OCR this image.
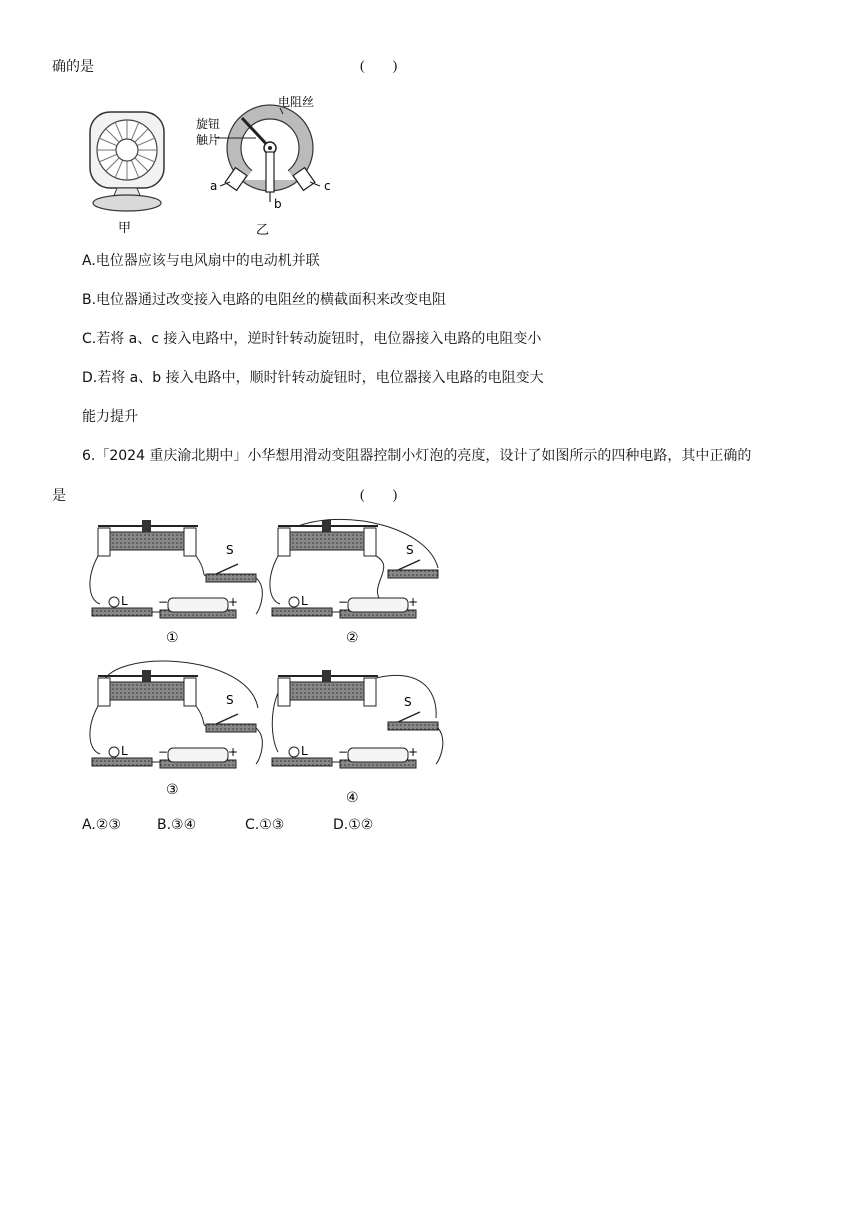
确的是	(　　)
甲
电阻丝
旋钮
触片
a
b
c
乙
A.电位器应该与电风扇中的电动机并联
B.电位器通过改变接入电路的电阻丝的横截面积来改变电阻
C.若将 a、c 接入电路中，逆时针转动旋钮时，电位器接入电路的电阻变小
D.若将 a、b 接入电路中，顺时针转动旋钮时，电位器接入电路的电阻变大
能力提升
6.「2024 重庆渝北期中」小华想用滑动变阻器控制小灯泡的亮度，设计了如图所示的四种电路，其中正确的
是	(　　)
S
L	−	+
①
S
L	−	+
②
S
L	−	+
③
S
L	−	+
④
A.②③	B.③④	C.①③	D.①②
